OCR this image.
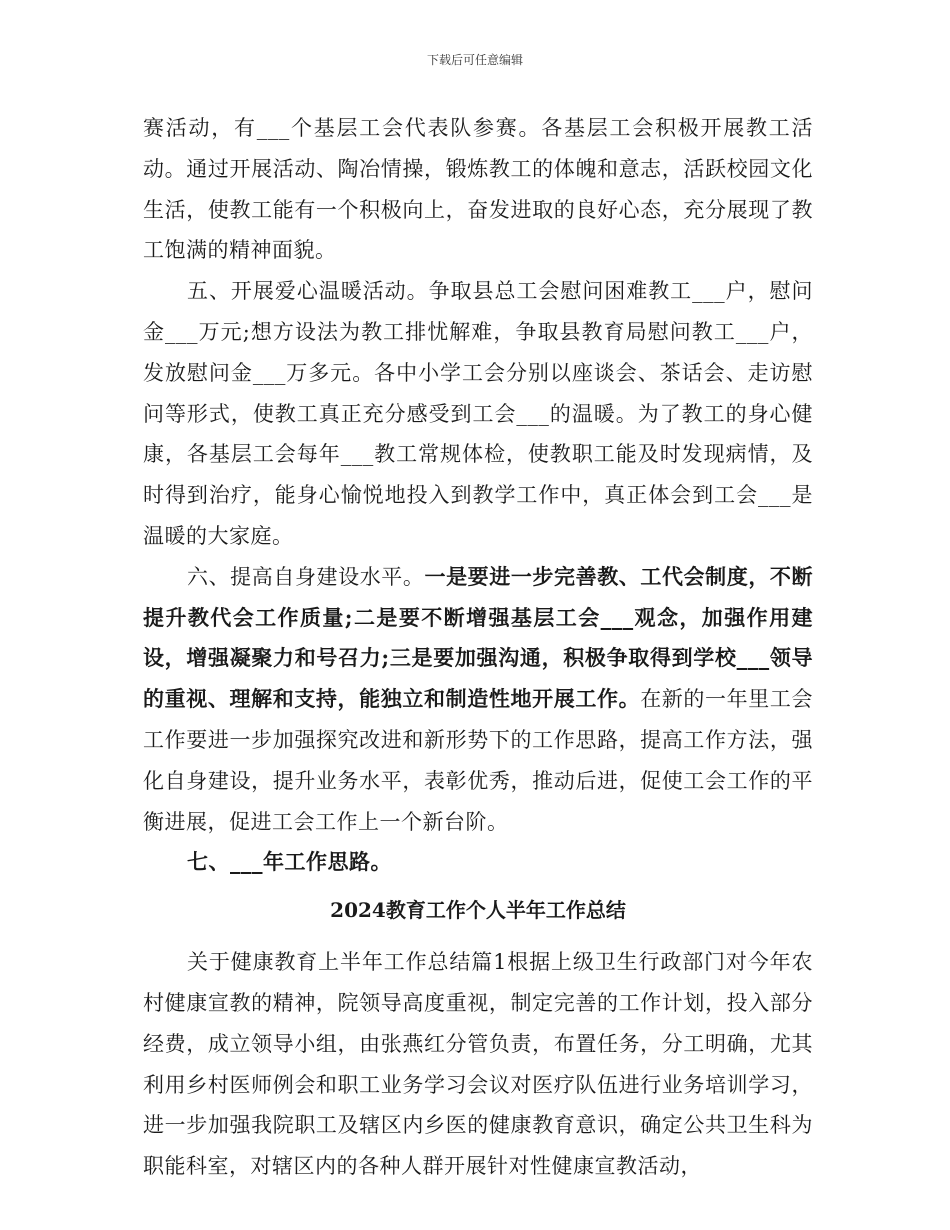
下载后可任意编辑

赛活动，有___个基层工会代表队参赛。各基层工会积极开展教工活动。通过开展活动、陶冶情操，锻炼教工的体魄和意志，活跃校园文化生活，使教工能有一个积极向上，奋发进取的良好心态，充分展现了教工饱满的精神面貌。

五、开展爱心温暖活动。争取县总工会慰问困难教工___户，慰问金___万元;想方设法为教工排忧解难，争取县教育局慰问教工___户，发放慰问金___万多元。各中小学工会分别以座谈会、茶话会、走访慰问等形式，使教工真正充分感受到工会___的温暖。为了教工的身心健康，各基层工会每年___教工常规体检，使教职工能及时发现病情，及时得到治疗，能身心愉悦地投入到教学工作中，真正体会到工会___是温暖的大家庭。

六、提高自身建设水平。一是要进一步完善教、工代会制度，不断提升教代会工作质量;二是要不断增强基层工会___观念，加强作用建设，增强凝聚力和号召力;三是要加强沟通，积极争取得到学校___领导的重视、理解和支持，能独立和制造性地开展工作。在新的一年里工会工作要进一步加强探究改进和新形势下的工作思路，提高工作方法，强化自身建设，提升业务水平，表彰优秀，推动后进，促使工会工作的平衡进展，促进工会工作上一个新台阶。

七、___年工作思路。

2024教育工作个人半年工作总结

关于健康教育上半年工作总结篇1根据上级卫生行政部门对今年农村健康宣教的精神，院领导高度重视，制定完善的工作计划，投入部分经费，成立领导小组，由张燕红分管负责，布置任务，分工明确，尤其利用乡村医师例会和职工业务学习会议对医疗队伍进行业务培训学习，进一步加强我院职工及辖区内乡医的健康教育意识，确定公共卫生科为职能科室，对辖区内的各种人群开展针对性健康宣教活动，
